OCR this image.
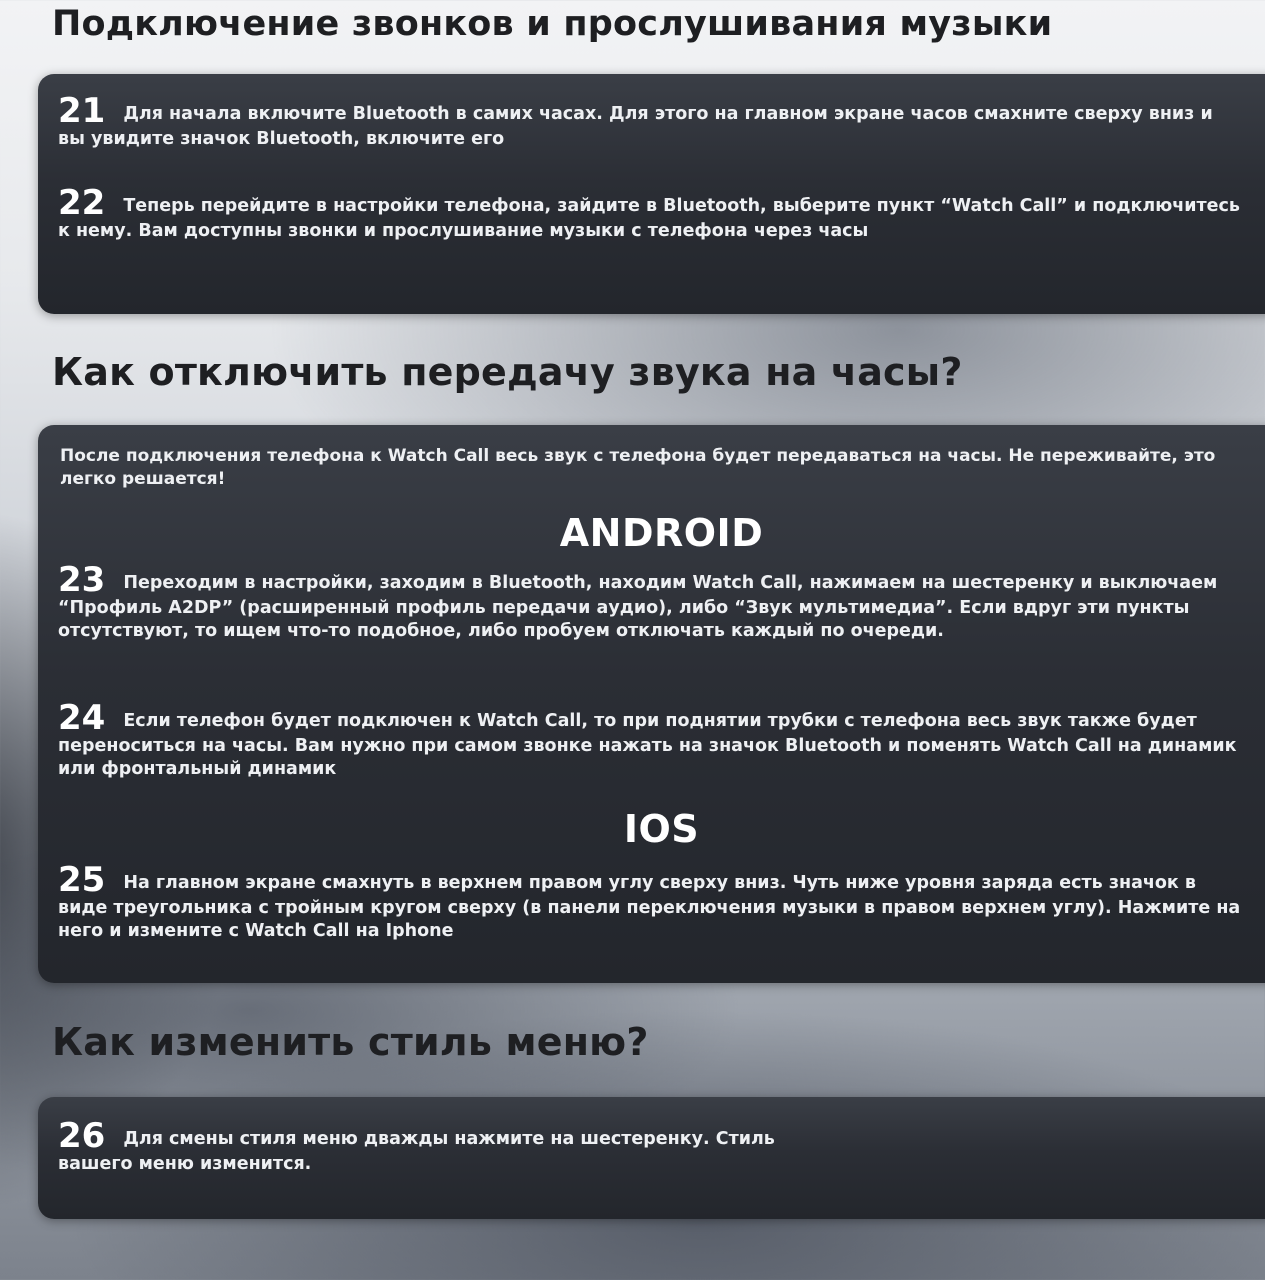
Подключение звонков и прослушивания музыки
21 Для начала включите Bluetooth в самих часах. Для этого на главном экране часов смахните сверху вниз и вы увидите значок Bluetooth, включите его
22 Теперь перейдите в настройки телефона, зайдите в Bluetooth, выберите пункт “Watch Call” и подключитесь к нему. Вам доступны звонки и прослушивание музыки с телефона через часы
Как отключить передачу звука на часы?
После подключения телефона к Watch Call весь звук с телефона будет передаваться на часы. Не переживайте, это легко решается!
ANDROID
23 Переходим в настройки, заходим в Bluetooth, находим Watch Call, нажимаем на шестеренку и выключаем “Профиль A2DP” (расширенный профиль передачи аудио), либо “Звук мультимедиа”. Если вдруг эти пункты отсутствуют, то ищем что-то подобное, либо пробуем отключать каждый по очереди.
24 Если телефон будет подключен к Watch Call, то при поднятии трубки с телефона весь звук также будет переноситься на часы. Вам нужно при самом звонке нажать на значок Bluetooth и поменять Watch Call на динамик или фронтальный динамик
IOS
25 На главном экране смахнуть в верхнем правом углу сверху вниз. Чуть ниже уровня заряда есть значок в виде треугольника с тройным кругом сверху (в панели переключения музыки в правом верхнем углу). Нажмите на него и измените с Watch Call на Iphone
Как изменить стиль меню?
26 Для смены стиля меню дважды нажмите на шестеренку. Стиль вашего меню изменится.
